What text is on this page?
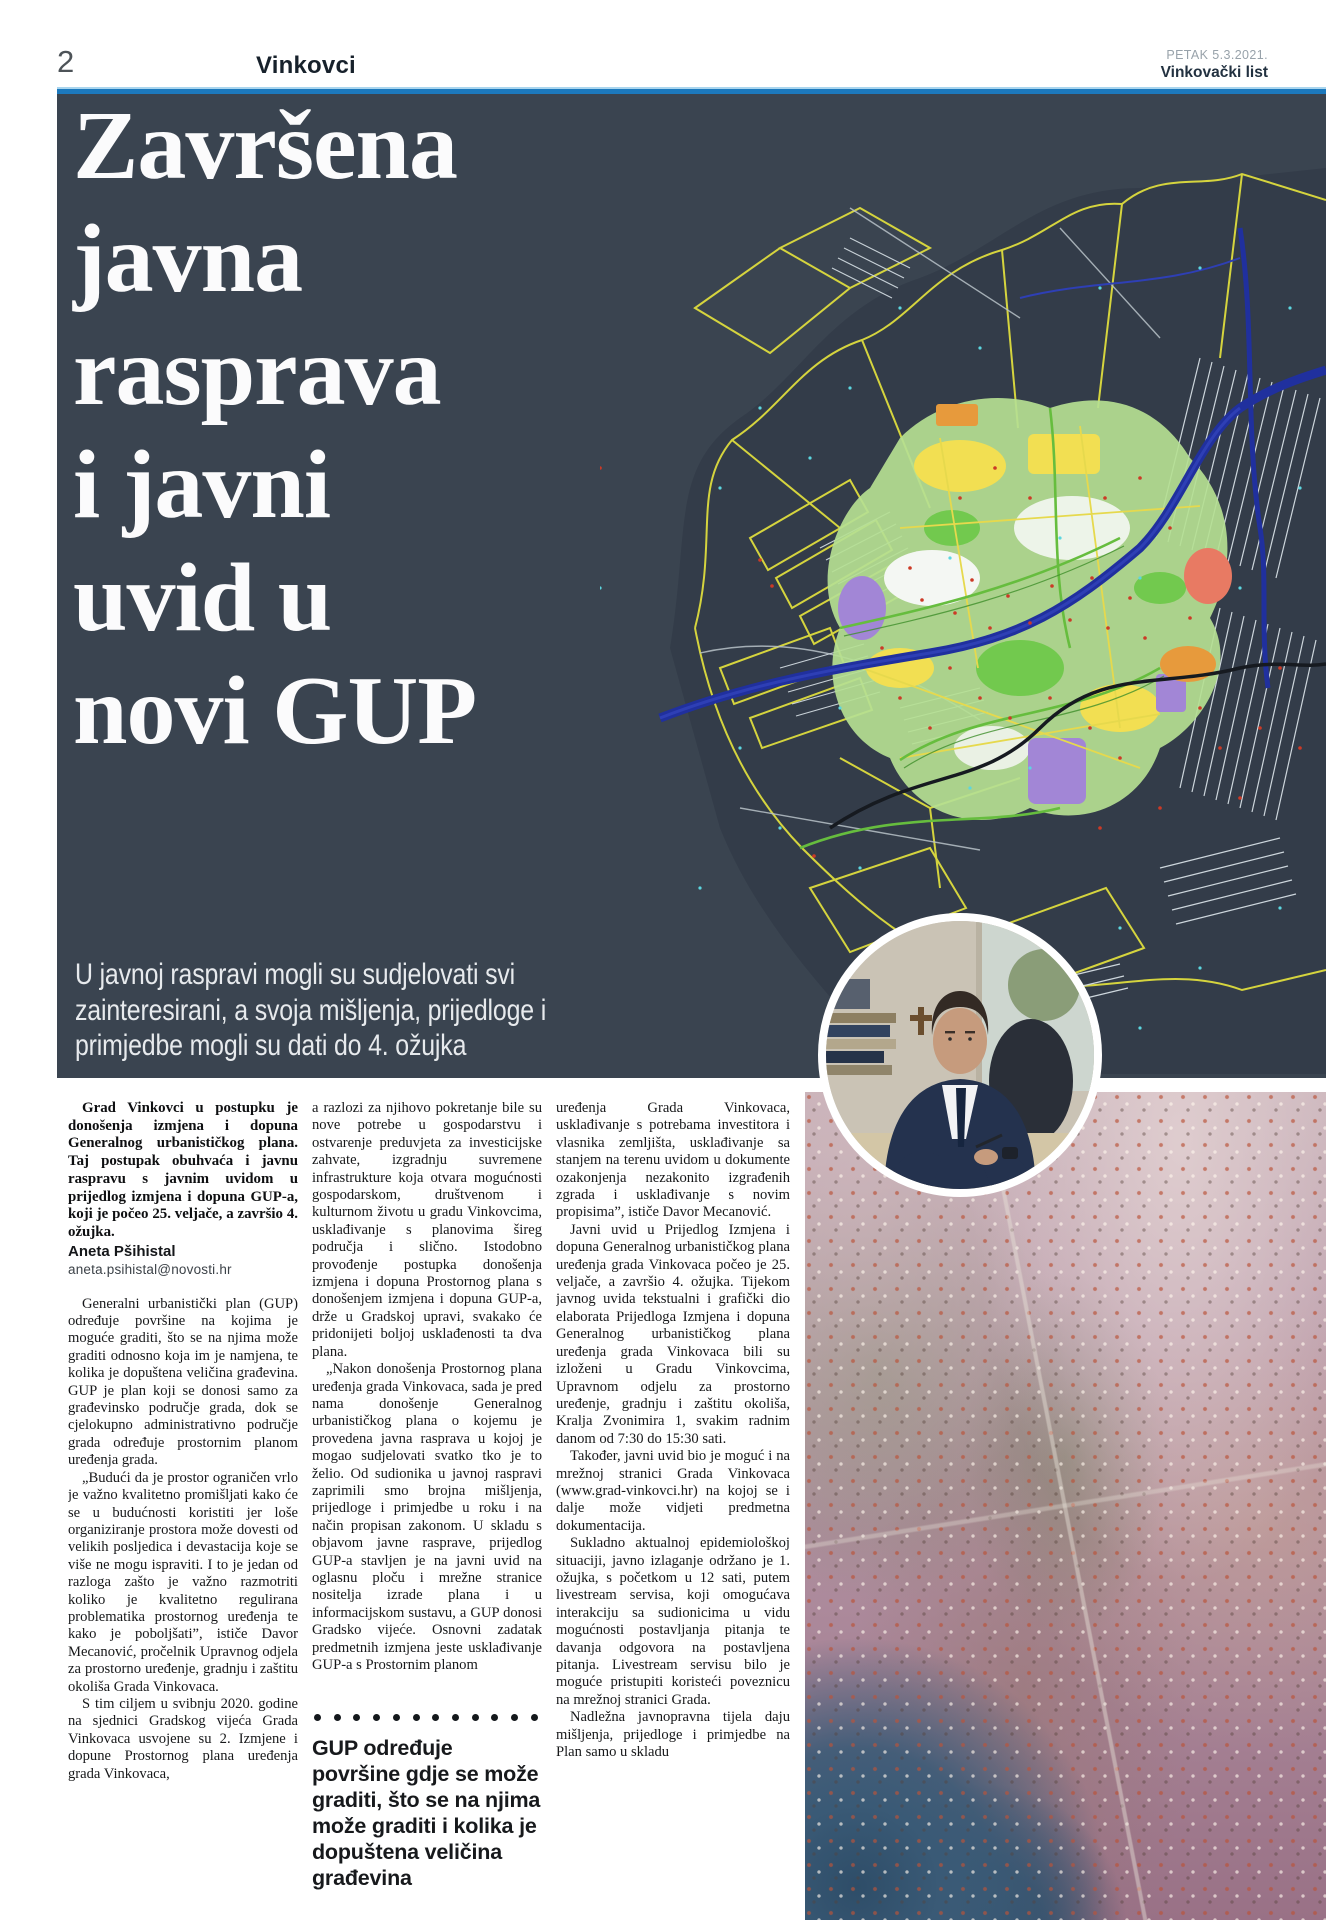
2	Vinkovci	PETAK 5.3.2021.
Vinkovački list
Završena
javna
rasprava
i javni
uvid u
novi GUP
U javnoj raspravi mogli su sudjelovati svi zainteresirani, a svoja mišljenja, prijedloge i primjedbe mogli su dati do 4. ožujka

Grad Vinkovci u postupku je donošenja izmjena i dopuna Generalnog urbanističkog plana. Taj postupak obuhvaća i javnu raspravu s javnim uvidom u prijedlog izmjena i dopuna GUP-a, koji je počeo 25. veljače, a završio 4. ožujka.

Aneta Pšihistal
aneta.psihistal@novosti.hr

Generalni urbanistički plan (GUP) određuje površine na kojima je moguće graditi, što se na njima može graditi odnosno koja im je namjena, te kolika je dopuštena veličina građevina. GUP je plan koji se donosi samo za građevinsko područje grada, dok se cjelokupno administrativno područje grada određuje prostornim planom uređenja grada.

„Budući da je prostor ograničen vrlo je važno kvalitetno promišljati kako će se u budućnosti koristiti jer loše organiziranje prostora može dovesti od velikih posljedica i devastacija koje se više ne mogu ispraviti. I to je jedan od razloga zašto je važno razmotriti koliko je kvalitetno regulirana problematika prostornog uređenja te kako je poboljšati”, ističe Davor Mecanović, pročelnik Upravnog odjela za prostorno uređenje, gradnju i zaštitu okoliša Grada Vinkovaca.

S tim ciljem u svibnju 2020. godine na sjednici Gradskog vijeća Grada Vinkovaca usvojene su 2. Izmjene i dopune Prostornog plana uređenja grada Vinkovaca,

a razlozi za njihovo pokretanje bile su nove potrebe u gospodarstvu i ostvarenje preduvjeta za investicijske zahvate, izgradnju suvremene infrastrukture koja otvara mogućnosti gospodarskom, društvenom i kulturnom životu u gradu Vinkovcima, usklađivanje s planovima šireg područja i slično. Istodobno provođenje postupka donošenja izmjena i dopuna Prostornog plana s donošenjem izmjena i dopuna GUP-a, drže u Gradskoj upravi, svakako će pridonijeti boljoj usklađenosti ta dva plana.

„Nakon donošenja Prostornog plana uređenja grada Vinkovaca, sada je pred nama donošenje Generalnog urbanističkog plana o kojemu je provedena javna rasprava u kojoj je mogao sudjelovati svatko tko je to želio. Od sudionika u javnoj raspravi zaprimili smo brojna mišljenja, prijedloge i primjedbe u roku i na način propisan zakonom. U skladu s objavom javne rasprave, prijedlog GUP-a stavljen je na javni uvid na oglasnu ploču i mrežne stranice nositelja izrade plana i u informacijskom sustavu, a GUP donosi Gradsko vijeće. Osnovni zadatak predmetnih izmjena jeste usklađivanje GUP-a s Prostornim planom

uređenja Grada Vinkovaca, usklađivanje s potrebama investitora i vlasnika zemljišta, usklađivanje sa stanjem na terenu uvidom u dokumente ozakonjenja nezakonito izgrađenih zgrada i usklađivanje s novim propisima”, ističe Davor Mecanović.

Javni uvid u Prijedlog Izmjena i dopuna Generalnog urbanističkog plana uređenja grada Vinkovaca počeo je 25. veljače, a završio 4. ožujka. Tijekom javnog uvida tekstualni i grafički dio elaborata Prijedloga Izmjena i dopuna Generalnog urbanističkog plana uređenja grada Vinkovaca bili su izloženi u Gradu Vinkovcima, Upravnom odjelu za prostorno uređenje, gradnju i zaštitu okoliša, Kralja Zvonimira 1, svakim radnim danom od 7:30 do 15:30 sati.

Također, javni uvid bio je moguć i na mrežnoj stranici Grada Vinkovaca (www.grad-vinkovci.hr) na kojoj se i dalje može vidjeti predmetna dokumentacija.

Sukladno aktualnoj epidemiološkoj situaciji, javno izlaganje održano je 1. ožujka, s početkom u 12 sati, putem livestream servisa, koji omogućava interakciju sa sudionicima u vidu mogućnosti postavljanja pitanja te davanja odgovora na postavljena pitanja. Livestream servisu bilo je moguće pristupiti koristeći poveznicu na mrežnoj stranici Grada.

Nadležna javnopravna tijela daju mišljenja, prijedloge i primjedbe na Plan samo u skladu

GUP određuje površine gdje se može graditi, što se na njima može graditi i kolika je dopuštena veličina građevina
